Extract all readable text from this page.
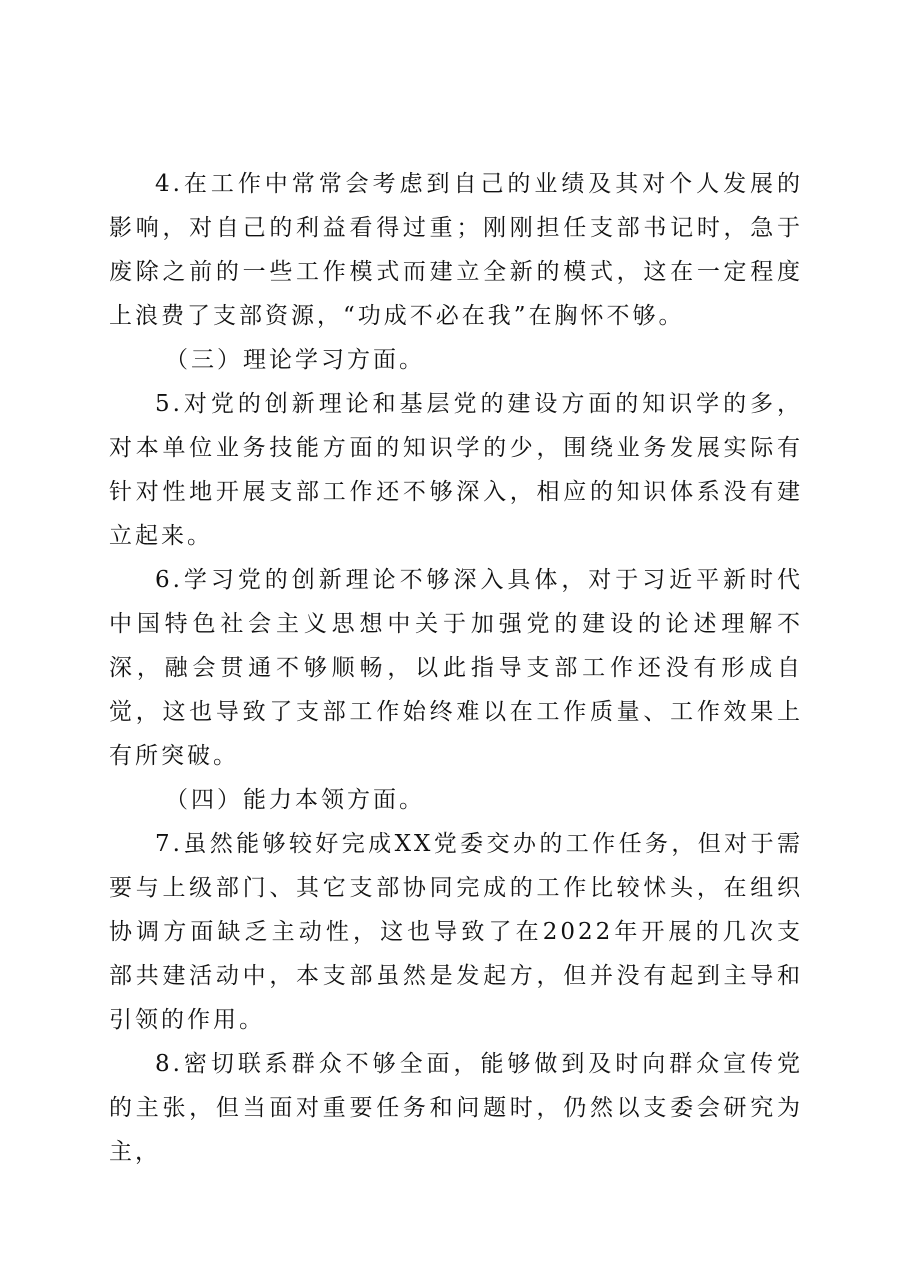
4.在工作中常常会考虑到自己的业绩及其对个人发展的影响，对自己的利益看得过重；刚刚担任支部书记时，急于废除之前的一些工作模式而建立全新的模式，这在一定程度上浪费了支部资源，“功成不必在我”在胸怀不够。

（三）理论学习方面。

5.对党的创新理论和基层党的建设方面的知识学的多，对本单位业务技能方面的知识学的少，围绕业务发展实际有针对性地开展支部工作还不够深入，相应的知识体系没有建立起来。

6.学习党的创新理论不够深入具体，对于习近平新时代中国特色社会主义思想中关于加强党的建设的论述理解不深，融会贯通不够顺畅，以此指导支部工作还没有形成自觉，这也导致了支部工作始终难以在工作质量、工作效果上有所突破。

（四）能力本领方面。

7.虽然能够较好完成XX党委交办的工作任务，但对于需要与上级部门、其它支部协同完成的工作比较怵头，在组织协调方面缺乏主动性，这也导致了在2022年开展的几次支部共建活动中，本支部虽然是发起方，但并没有起到主导和引领的作用。

8.密切联系群众不够全面，能够做到及时向群众宣传党的主张，但当面对重要任务和问题时，仍然以支委会研究为主，
